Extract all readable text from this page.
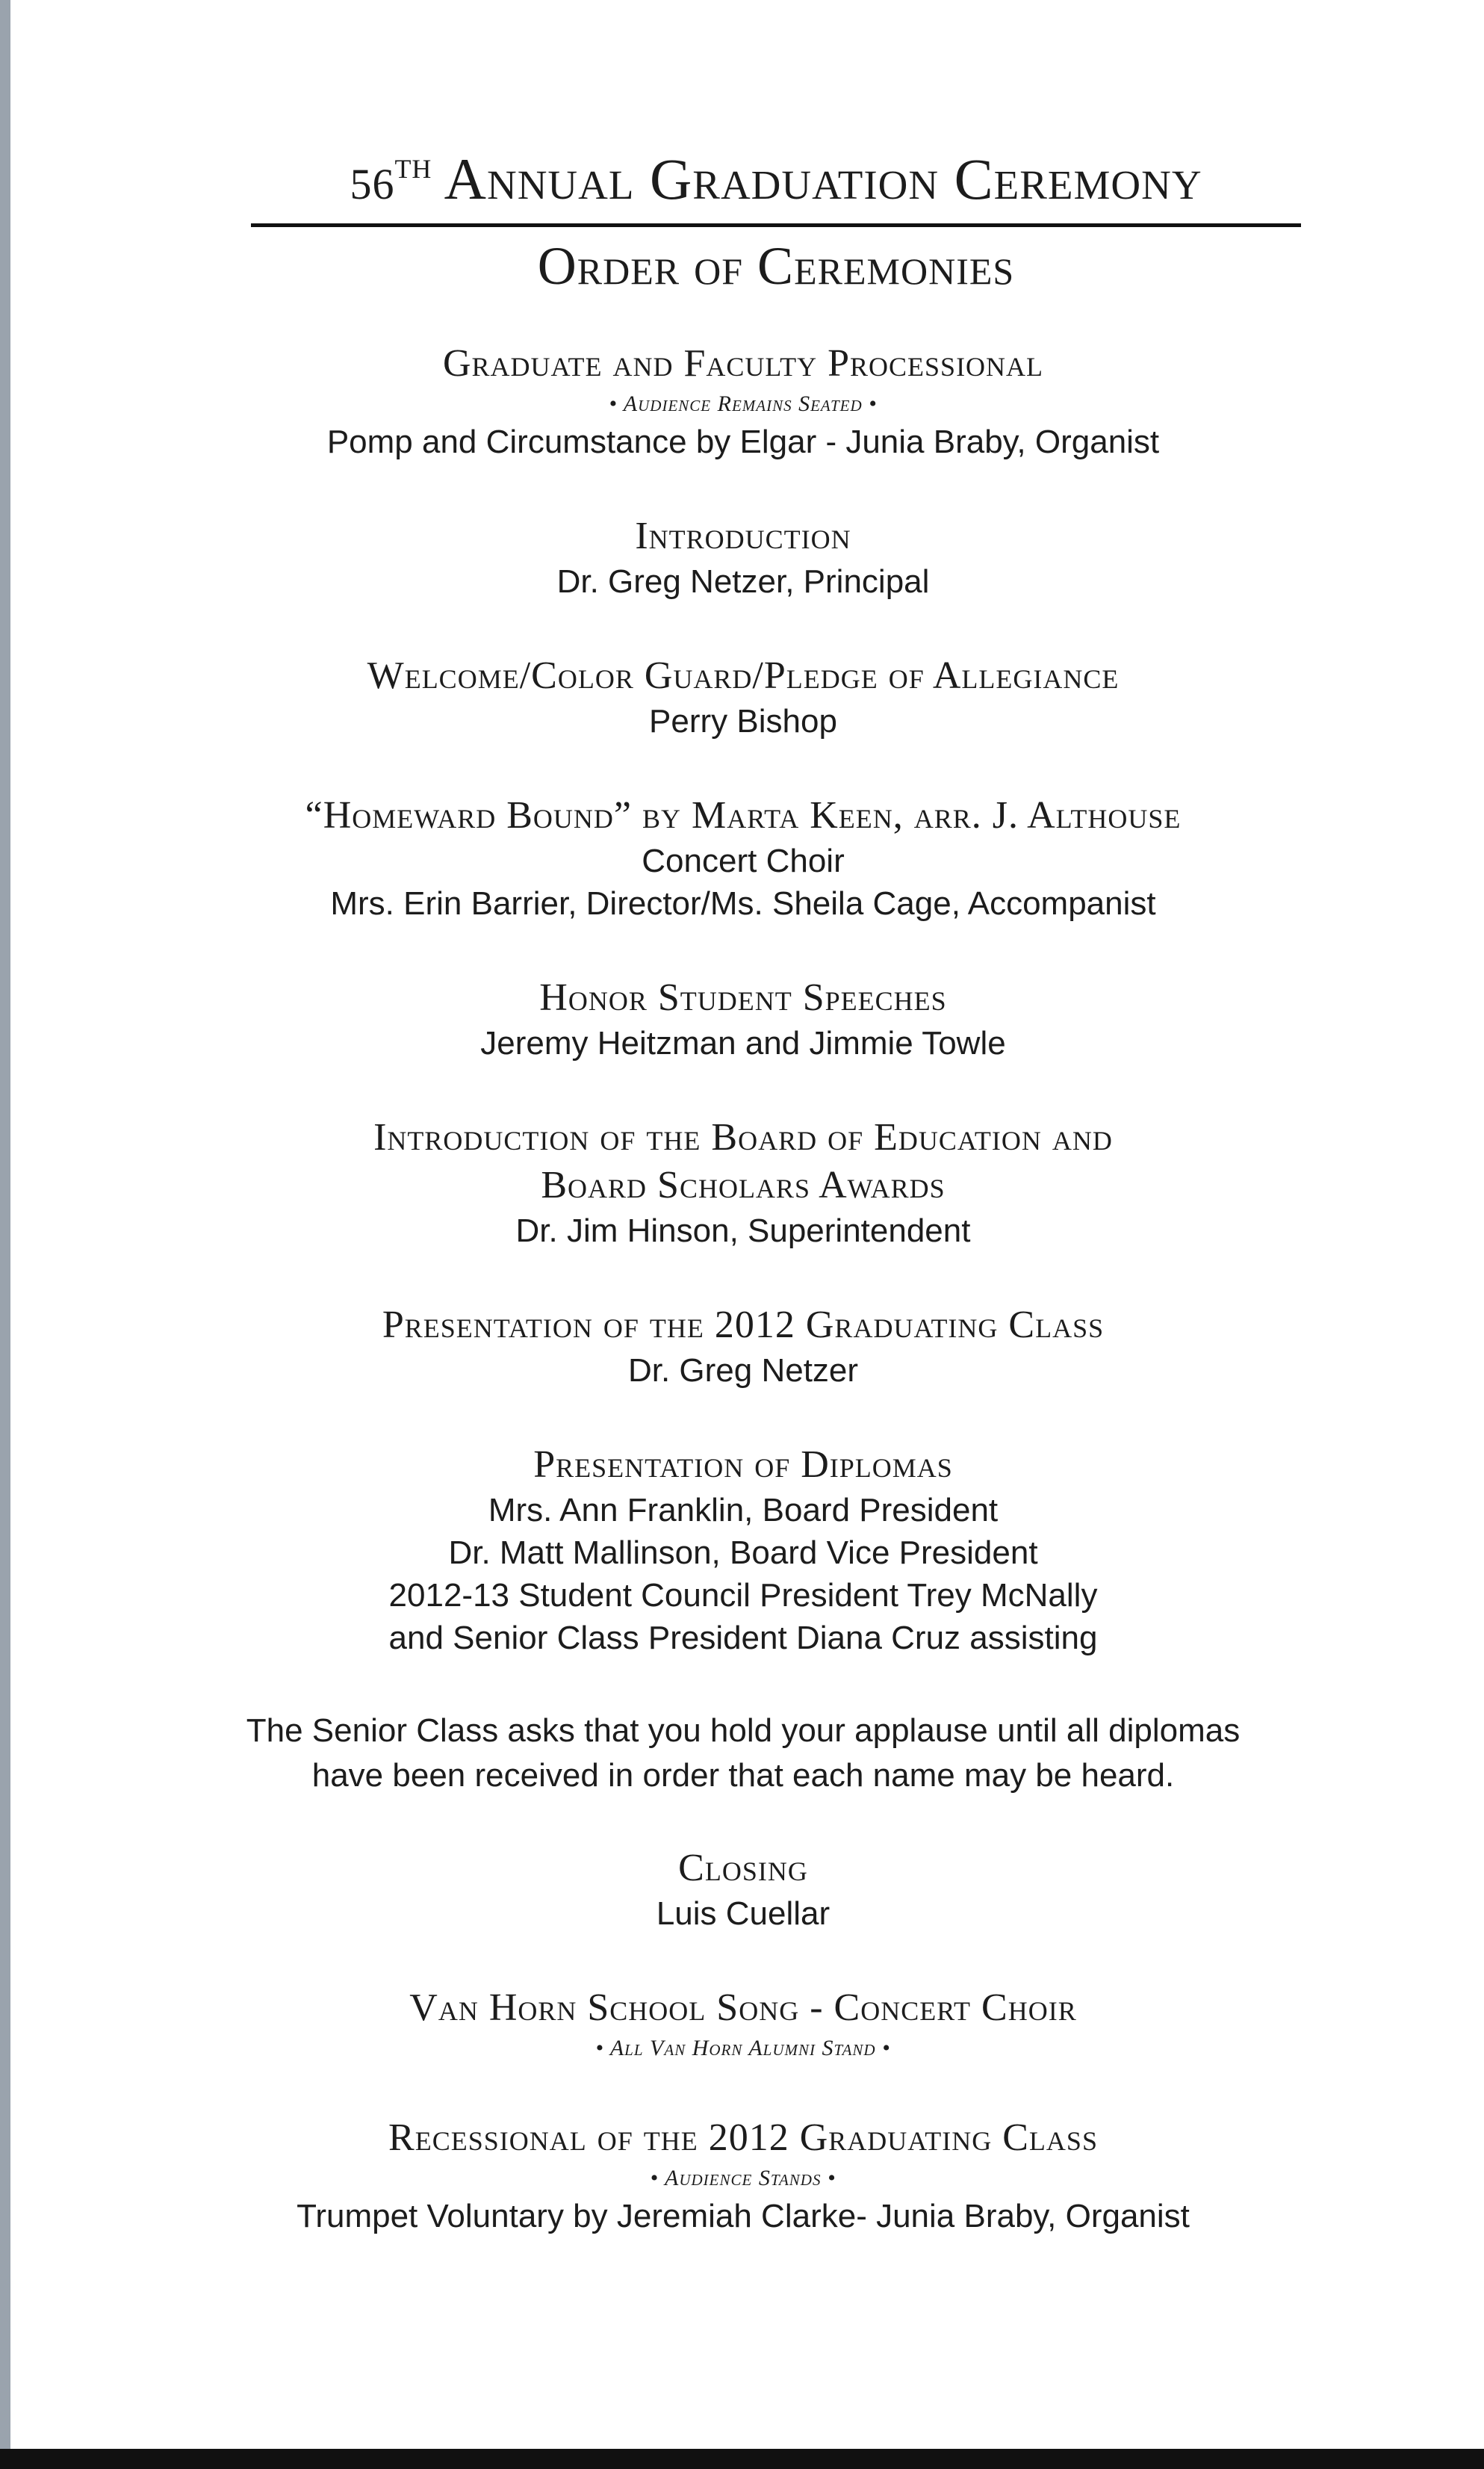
56TH Annual Graduation Ceremony
Order of Ceremonies
Graduate and Faculty Processional
• Audience Remains Seated •
Pomp and Circumstance by Elgar - Junia Braby, Organist
Introduction
Dr. Greg Netzer, Principal
Welcome/Color Guard/Pledge of Allegiance
Perry Bishop
“Homeward Bound” by Marta Keen, arr. J. Althouse
Concert Choir
Mrs. Erin Barrier, Director/Ms. Sheila Cage, Accompanist
Honor Student Speeches
Jeremy Heitzman and Jimmie Towle
Introduction of the Board of Education and
Board Scholars Awards
Dr. Jim Hinson, Superintendent
Presentation of the 2012 Graduating Class
Dr. Greg Netzer
Presentation of Diplomas
Mrs. Ann Franklin, Board President
Dr. Matt Mallinson, Board Vice President
2012-13 Student Council President Trey McNally
and Senior Class President Diana Cruz assisting
The Senior Class asks that you hold your applause until all diplomas
have been received in order that each name may be heard.
Closing
Luis Cuellar
Van Horn School Song - Concert Choir
• All Van Horn Alumni Stand •
Recessional of the 2012 Graduating Class
• Audience Stands •
Trumpet Voluntary by Jeremiah Clarke- Junia Braby, Organist
